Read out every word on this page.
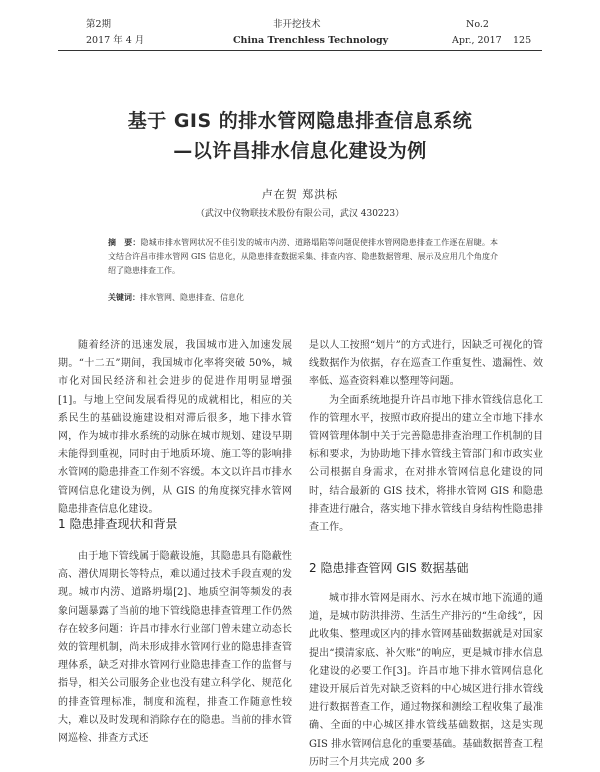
第2期	非开挖技术	No.2
2017 年 4 月	China Trenchless Technology	Apr., 2017 125
基于 GIS 的排水管网隐患排查信息系统
—以许昌排水信息化建设为例
卢在贺 郑洪标
（武汉中仪物联技术股份有限公司，武汉 430223）
摘　要：隐城市排水管网状况不佳引发的城市内涝、道路塌陷等问题促使排水管网隐患排查工作逐在眉睫。本文结合许昌市排水管网 GIS 信息化，从隐患排查数据采集、排查内容、隐患数据管理、展示及应用几个角度介绍了隐患排查工作。
关键词：排水管网、隐患排查、信息化

随着经济的迅速发展，我国城市进入加速发展期。“十二五”期间，我国城市化率将突破 50%，城市化对国民经济和社会进步的促进作用明显增强[1]。与地上空间发展看得见的成就相比，相应的关系民生的基础设施建设相对滞后很多，地下排水管网，作为城市排水系统的动脉在城市规划、建设早期未能得到重视，同时由于地质环境、施工等的影响排水管网的隐患排查工作刻不容缓。本文以许昌市排水管网信息化建设为例，从 GIS 的角度探究排水管网隐患排查信息化建设。

1 隐患排查现状和背景

由于地下管线属于隐蔽设施，其隐患具有隐蔽性高、潜伏周期长等特点，难以通过技术手段直观的发现。城市内涝、道路坍塌[2]、地质空洞等频发的表象问题暴露了当前的地下管线隐患排查管理工作仍然存在较多问题：许昌市排水行业部门曾未建立动态长效的管理机制，尚未形成排水管网行业的隐患排查管理体系，缺乏对排水管网行业隐患排查工作的监督与指导，相关公司服务企业也没有建立科学化、规范化的排查管理标准，制度和流程，排查工作随意性较大，难以及时发现和消除存在的隐患。当前的排水管网巡检、排查方式还

是以人工按照“划片”的方式进行，因缺乏可视化的管线数据作为依据，存在巡查工作重复性、遗漏性、效率低、巡查资料难以整理等问题。

为全面系统地提升许昌市地下排水管线信息化工作的管理水平，按照市政府提出的建立全市地下排水管网管理体制中关于完善隐患排查治理工作机制的目标和要求，为协助地下排水管线主管部门和市政实业公司根据自身需求，在对排水管网信息化建设的同时，结合最新的 GIS 技术，将排水管网 GIS 和隐患排查进行融合，落实地下排水管线自身结构性隐患排查工作。

2 隐患排查管网 GIS 数据基础

城市排水管网是雨水、污水在城市地下流通的通道，是城市防洪排涝、生活生产排污的“生命线”，因此收集、整理或区内的排水管网基础数据就是对国家提出“摸清家底、补欠账”的响应，更是城市排水信息化建设的必要工作[3]。许昌市地下排水管网信息化建设开展后首先对缺乏资料的中心城区进行排水管线进行数据普查工作，通过物探和测绘工程收集了最准确、全面的中心城区排水管线基础数据，这是实现 GIS 排水管网信息化的重要基础。基础数据普查工程历时三个月共完成 200 多
